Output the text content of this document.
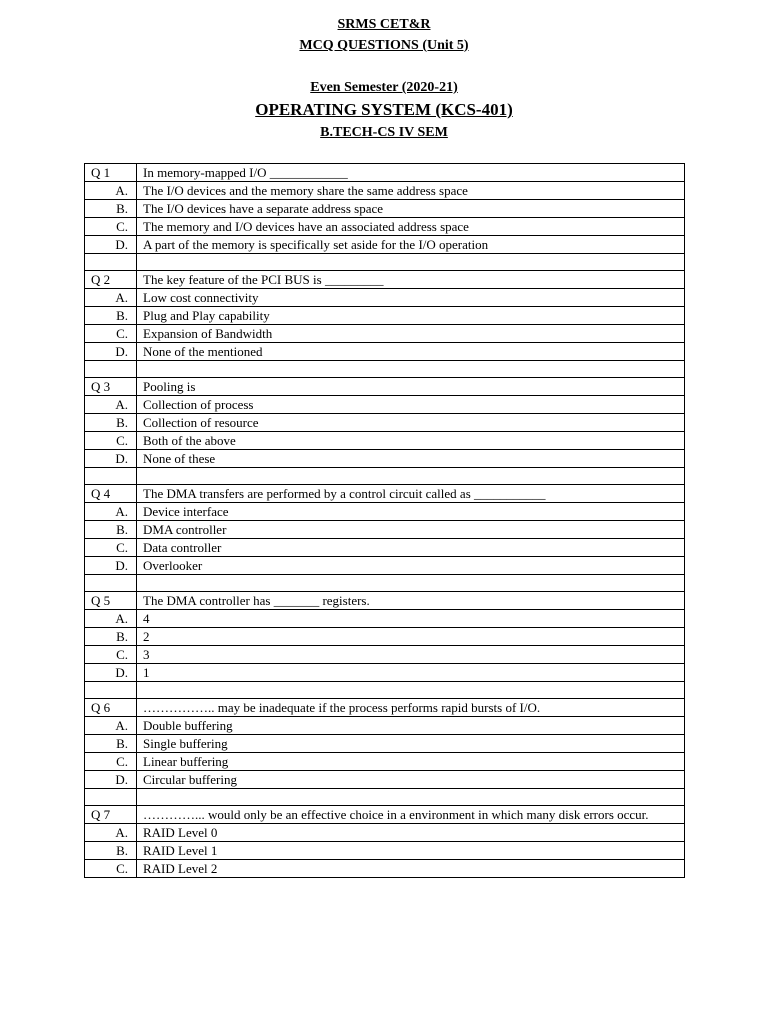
SRMS CET&R
MCQ QUESTIONS (Unit 5)
Even Semester (2020-21)
OPERATING SYSTEM (KCS-401)
B.TECH-CS IV SEM
Q 1	In memory-mapped I/O ____________
A.	The I/O devices and the memory share the same address space
B.	The I/O devices have a separate address space
C.	The memory and I/O devices have an associated address space
D.	A part of the memory is specifically set aside for the I/O operation

Q 2	The key feature of the PCI BUS is _________
A.	Low cost connectivity
B.	Plug and Play capability
C.	Expansion of Bandwidth
D.	None of the mentioned

Q 3	Pooling is
A.	Collection of process
B.	Collection of resource
C.	Both of the above
D.	None of these

Q 4	The DMA transfers are performed by a control circuit called as ___________
A.	Device interface
B.	DMA controller
C.	Data controller
D.	Overlooker

Q 5	The DMA controller has _______ registers.
A.	4
B.	2
C.	3
D.	1

Q 6	…………….. may be inadequate if the process performs rapid bursts of I/O.
A.	Double buffering
B.	Single buffering
C.	Linear buffering
D.	Circular buffering

Q 7	…………... would only be an effective choice in a environment in which many disk errors occur.
A.	RAID Level 0
B.	RAID Level 1
C.	RAID Level 2
